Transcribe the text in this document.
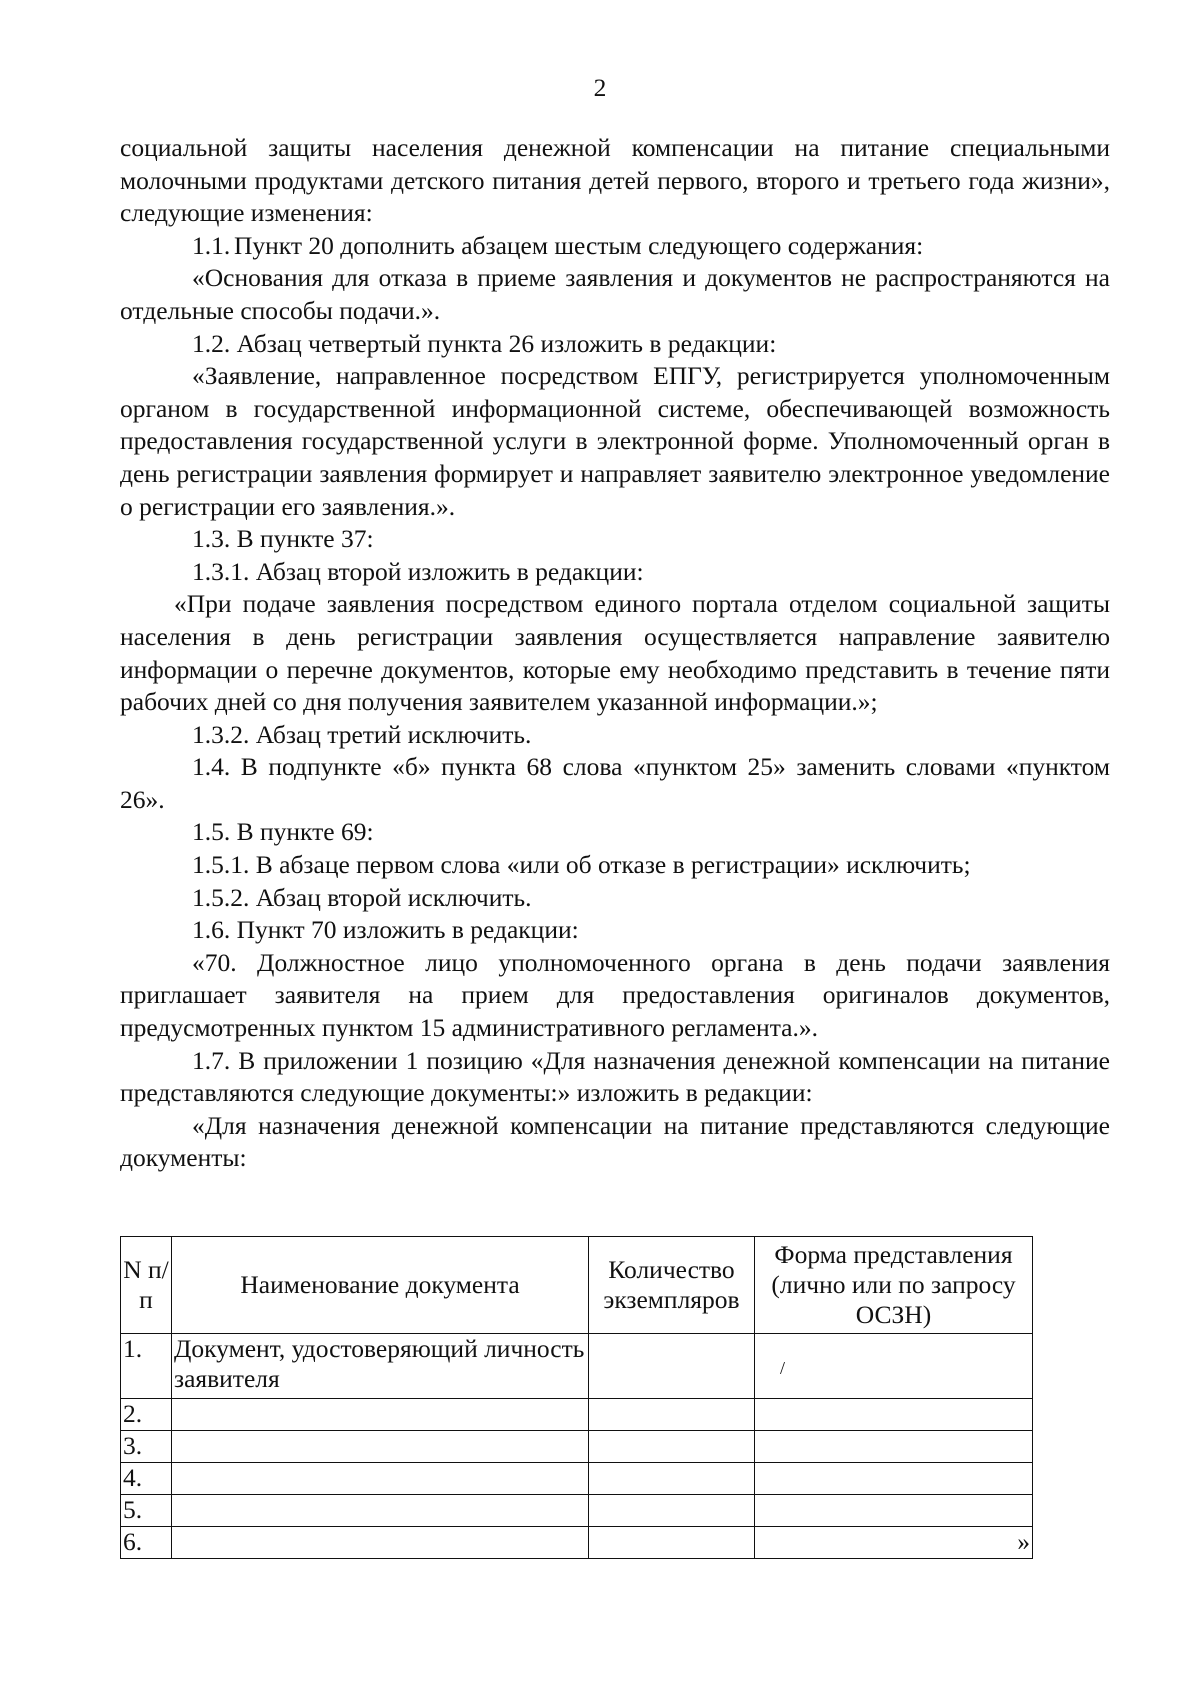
2

социальной защиты населения денежной компенсации на питание специальными молочными продуктами детского питания детей первого, второго и третьего года жизни», следующие изменения:

1.1. Пункт 20 дополнить абзацем шестым следующего содержания:

«Основания для отказа в приеме заявления и документов не распространяются на отдельные способы подачи.».

1.2. Абзац четвертый пункта 26 изложить в редакции:

«Заявление, направленное посредством ЕПГУ, регистрируется уполномоченным органом в государственной информационной системе, обеспечивающей возможность предоставления государственной услуги в электронной форме. Уполномоченный орган в день регистрации заявления формирует и направляет заявителю электронное уведомление о регистрации его заявления.».

1.3. В пункте 37:

1.3.1. Абзац второй изложить в редакции:

«При подаче заявления посредством единого портала отделом социальной защиты населения в день регистрации заявления осуществляется направление заявителю информации о перечне документов, которые ему необходимо представить в течение пяти рабочих дней со дня получения заявителем указанной информации.»;

1.3.2. Абзац третий исключить.

1.4. В подпункте «б» пункта 68 слова «пунктом 25» заменить словами «пунктом 26».

1.5. В пункте 69:

1.5.1. В абзаце первом слова «или об отказе в регистрации» исключить;

1.5.2. Абзац второй исключить.

1.6. Пункт 70 изложить в редакции:

«70. Должностное лицо уполномоченного органа в день подачи заявления приглашает заявителя на прием для предоставления оригиналов документов, предусмотренных пунктом 15 административного регламента.».

1.7. В приложении 1 позицию «Для назначения денежной компенсации на питание представляются следующие документы:» изложить в редакции:

«Для назначения денежной компенсации на питание представляются следующие документы:

N п/п	Наименование документа	Количество экземпляров	Форма представления (лично или по запросу ОСЗН)
1.	Документ, удостоверяющий личность заявителя		
2.			
3.			
4.			
5.			
6.			»
/
